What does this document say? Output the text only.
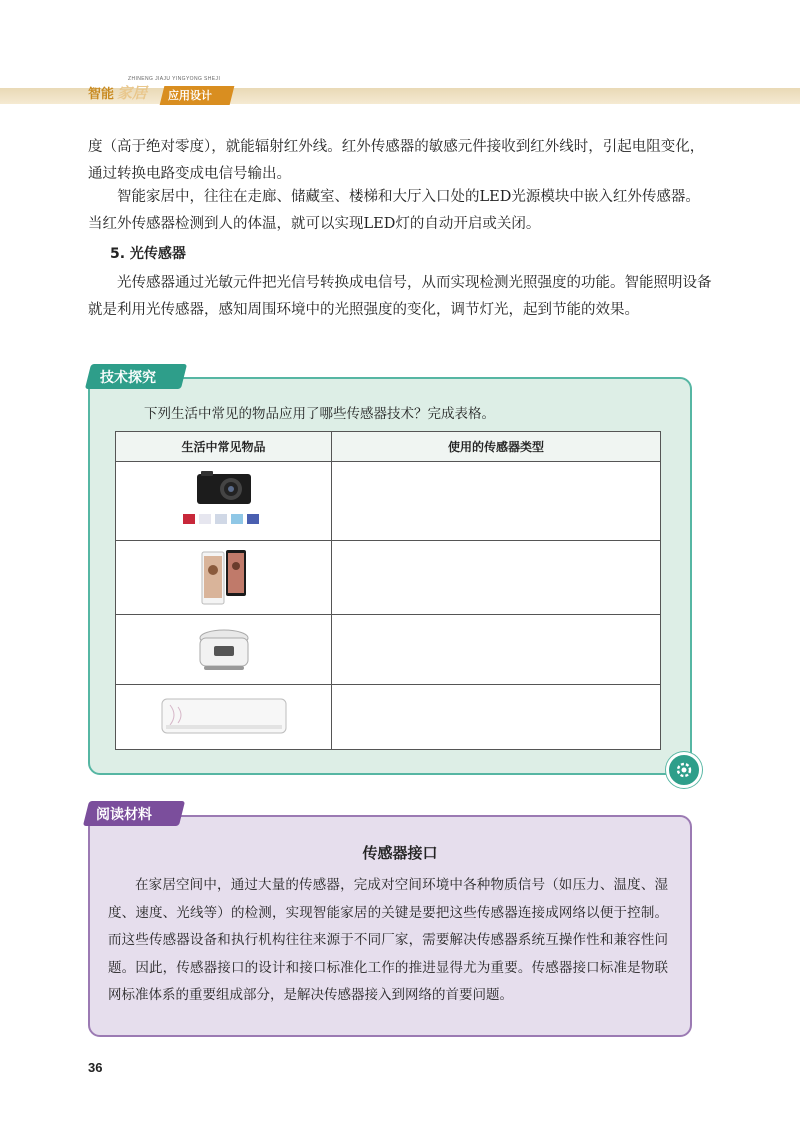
ZHINENG JIAJU YINGYONG SHEJI
智能 家居 应用设计

度（高于绝对零度），就能辐射红外线。红外传感器的敏感元件接收到红外线时，引起电阻变化，通过转换电路变成电信号输出。

智能家居中，往往在走廊、储藏室、楼梯和大厅入口处的LED光源模块中嵌入红外传感器。当红外传感器检测到人的体温，就可以实现LED灯的自动开启或关闭。

5. 光传感器

光传感器通过光敏元件把光信号转换成电信号，从而实现检测光照强度的功能。智能照明设备就是利用光传感器，感知周围环境中的光照强度的变化，调节灯光，起到节能的效果。

技术探究
下列生活中常见的物品应用了哪些传感器技术？完成表格。
生活中常见物品	使用的传感器类型

阅读材料
传感器接口

在家居空间中，通过大量的传感器，完成对空间环境中各种物质信号（如压力、温度、湿度、速度、光线等）的检测，实现智能家居的关键是要把这些传感器连接成网络以便于控制。而这些传感器设备和执行机构往往来源于不同厂家，需要解决传感器系统互操作性和兼容性问题。因此，传感器接口的设计和接口标准化工作的推进显得尤为重要。传感器接口标准是物联网标准体系的重要组成部分，是解决传感器接入到网络的首要问题。

36
